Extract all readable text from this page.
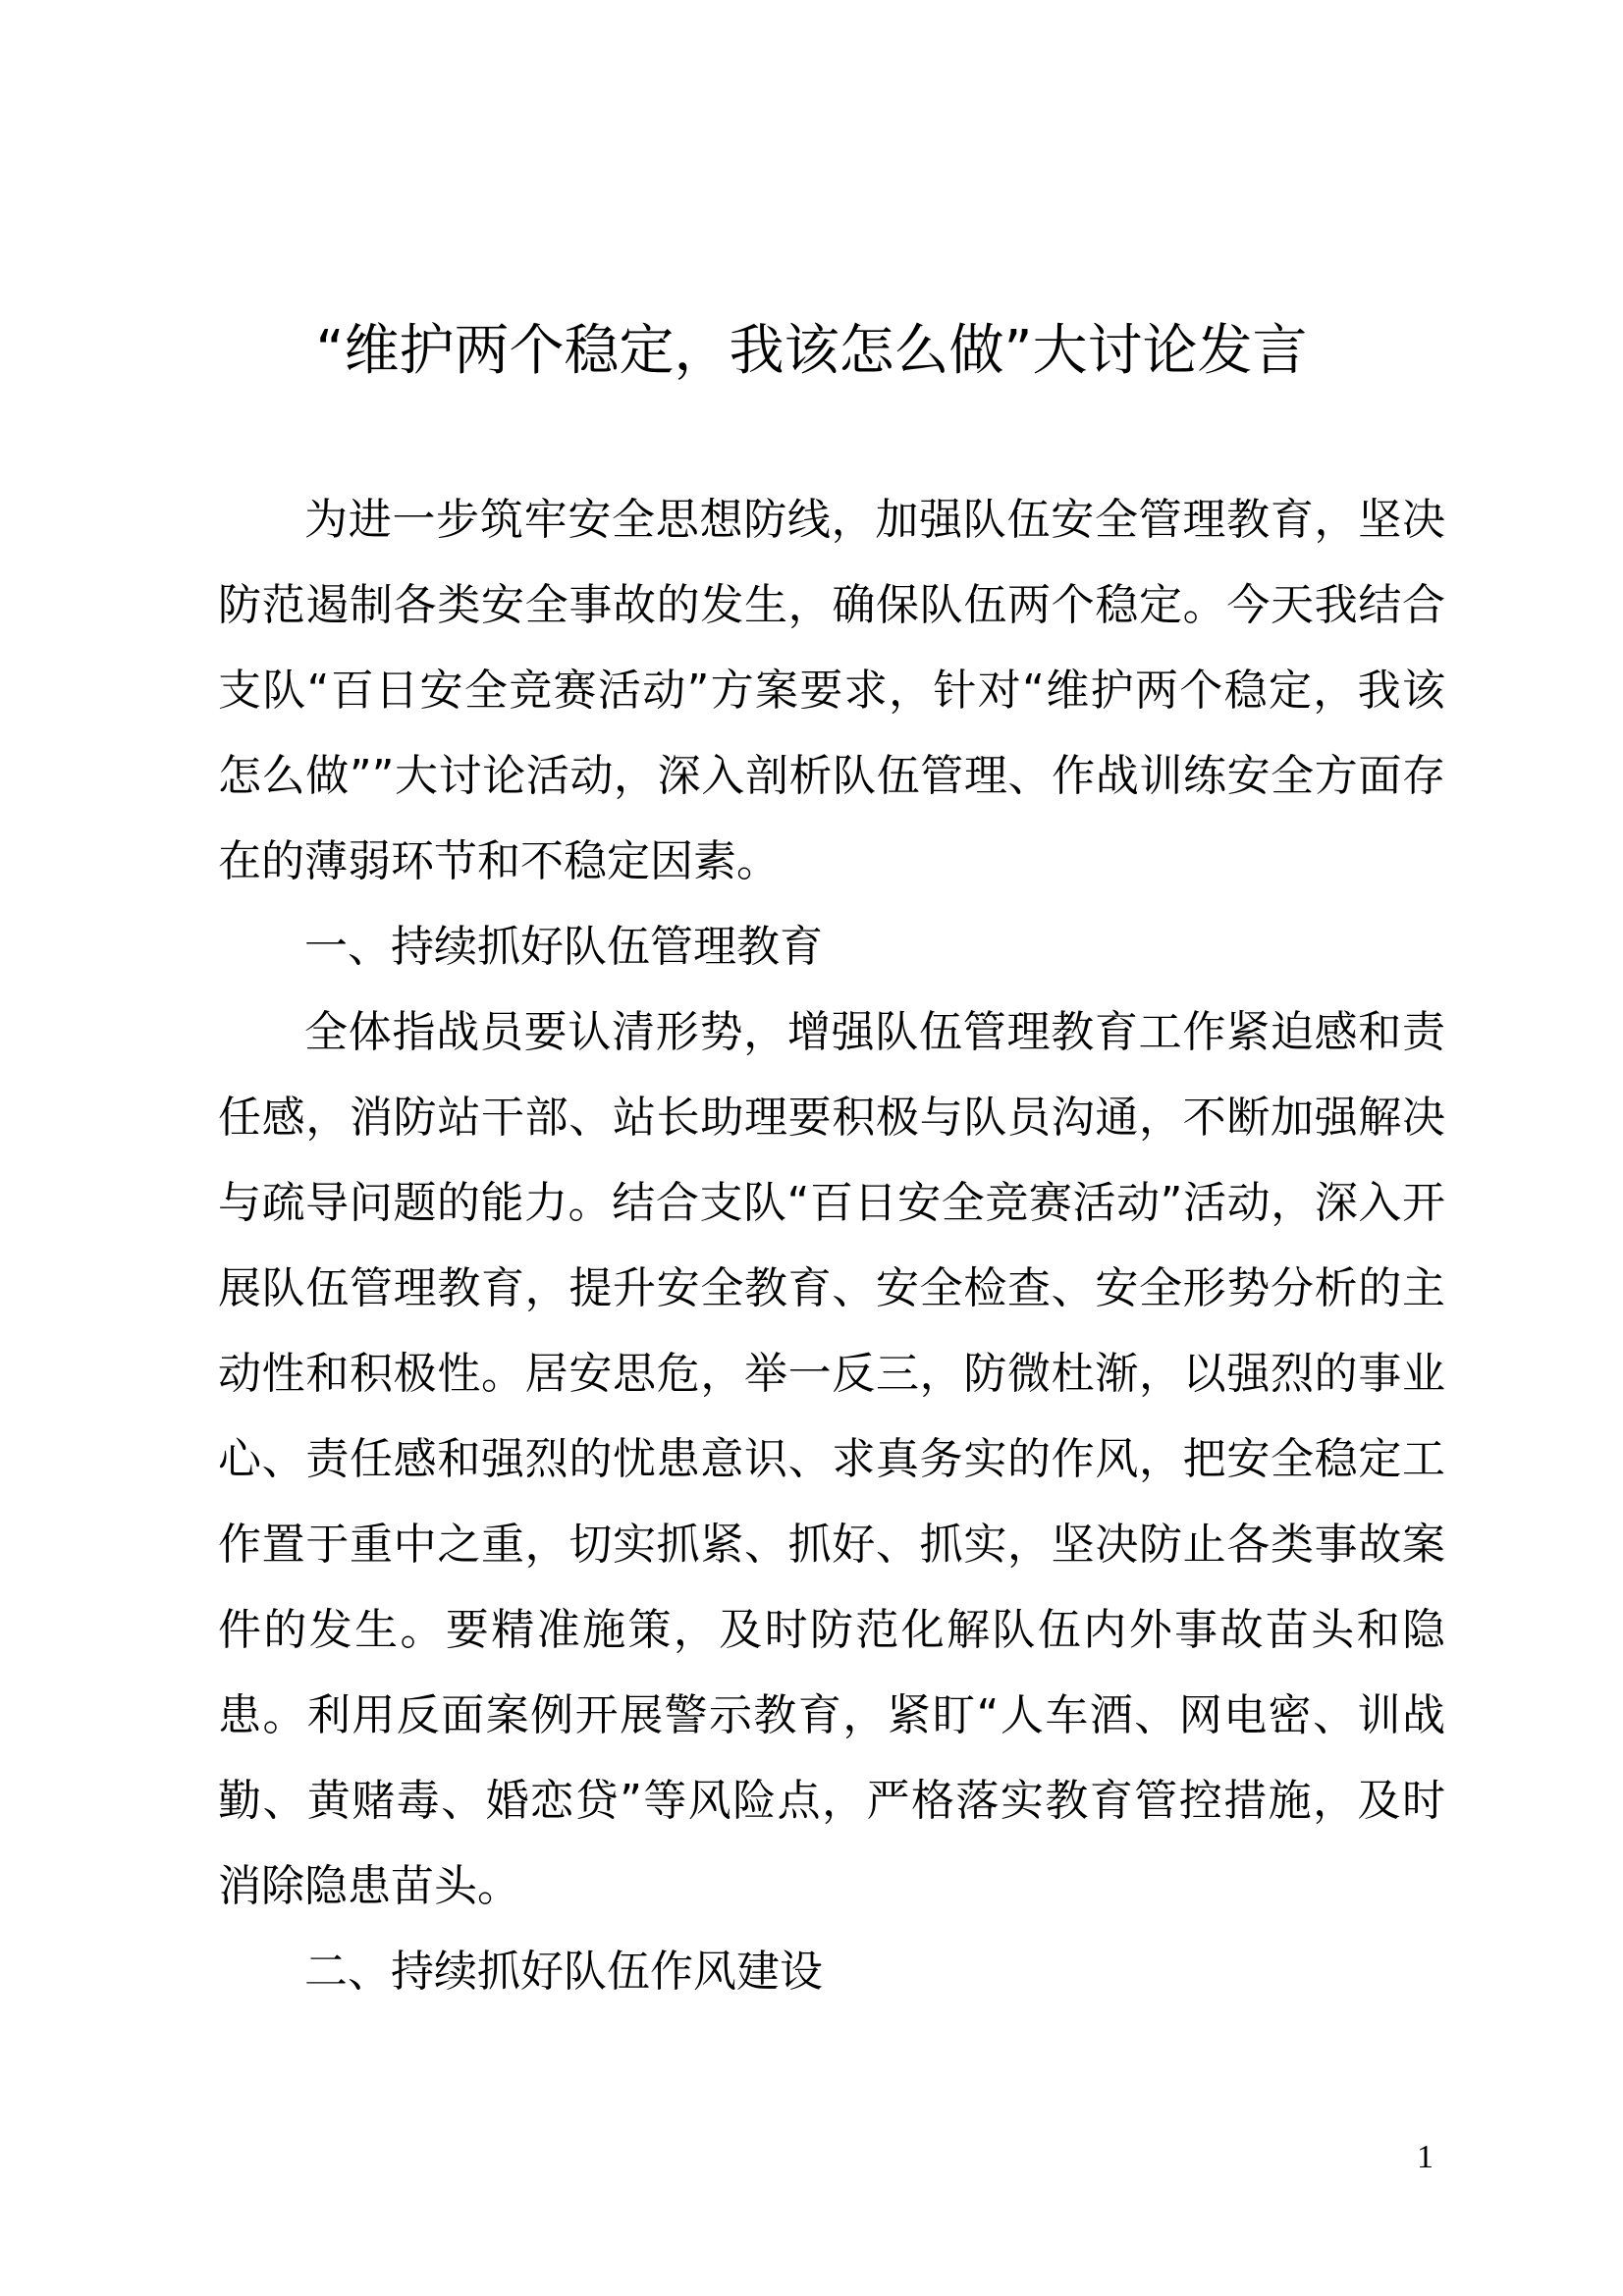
“维护两个稳定，我该怎么做”大讨论发言

为进一步筑牢安全思想防线，加强队伍安全管理教育，坚决防范遏制各类安全事故的发生，确保队伍两个稳定。今天我结合支队“百日安全竞赛活动”方案要求，针对“维护两个稳定，我该怎么做””大讨论活动，深入剖析队伍管理、作战训练安全方面存在的薄弱环节和不稳定因素。

一、持续抓好队伍管理教育

全体指战员要认清形势，增强队伍管理教育工作紧迫感和责任感，消防站干部、站长助理要积极与队员沟通，不断加强解决与疏导问题的能力。结合支队“百日安全竞赛活动”活动，深入开展队伍管理教育，提升安全教育、安全检查、安全形势分析的主动性和积极性。居安思危，举一反三，防微杜渐，以强烈的事业心、责任感和强烈的忧患意识、求真务实的作风，把安全稳定工作置于重中之重，切实抓紧、抓好、抓实，坚决防止各类事故案件的发生。要精准施策，及时防范化解队伍内外事故苗头和隐患。利用反面案例开展警示教育，紧盯“人车酒、网电密、训战勤、黄赌毒、婚恋贷”等风险点，严格落实教育管控措施，及时消除隐患苗头。

二、持续抓好队伍作风建设

1
